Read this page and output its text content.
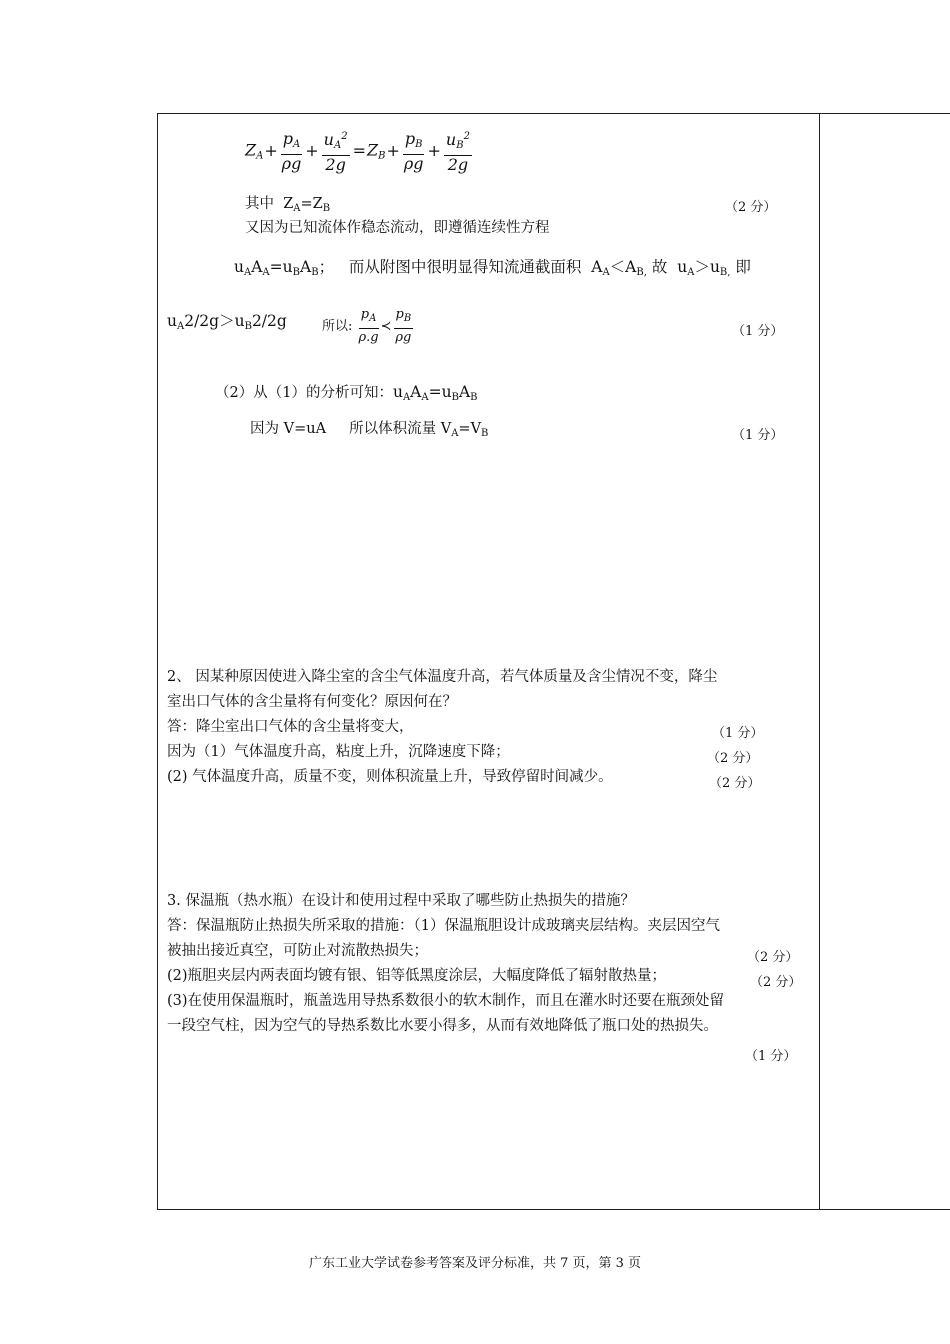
$Z_A+ \frac{p_A}{\rho g} + \frac{u_A^2}{2g} =Z_B+ \frac{p_B}{\rho g} + \frac{u_B^2}{2g}$
其中 $Z_A=Z_B$	（2 分）
又因为已知流体作稳态流动，即遵循连续性方程
$u_AA_A=u_BA_B$； 而从附图中很明显得知流通截面积 $A_A<A_{B,}$ 故 $u_A>u_{B,}$ 即
$u_A2/2g>u_B2/2g$	所以: $\frac{p_A}{\rho.g}$ ≺ $\frac{p_B}{\rho g}$	（1 分）
（2）从（1）的分析可知：$u_AA_A=u_BA_B$
因为 V=uA 所以体积流量 $V_A=V_B$	（1 分）
2、 因某种原因使进入降尘室的含尘气体温度升高，若气体质量及含尘情况不变，降尘
室出口气体的含尘量将有何变化？原因何在？
答：降尘室出口气体的含尘量将变大，	（1 分）
因为（1）气体温度升高，粘度上升，沉降速度下降；	（2 分）
(2) 气体温度升高，质量不变，则体积流量上升，导致停留时间减少。	（2 分）
3. 保温瓶（热水瓶）在设计和使用过程中采取了哪些防止热损失的措施？
答：保温瓶防止热损失所采取的措施：（1）保温瓶胆设计成玻璃夹层结构。夹层因空气
被抽出接近真空，可防止对流散热损失；	（2 分）
(2)瓶胆夹层内两表面均镀有银、铝等低黑度涂层，大幅度降低了辐射散热量；	（2 分）
(3)在使用保温瓶时，瓶盖选用导热系数很小的软木制作，而且在灌水时还要在瓶颈处留
一段空气柱，因为空气的导热系数比水要小得多，从而有效地降低了瓶口处的热损失。
（1 分）
广东工业大学试卷参考答案及评分标准，共 7 页，第 3 页
